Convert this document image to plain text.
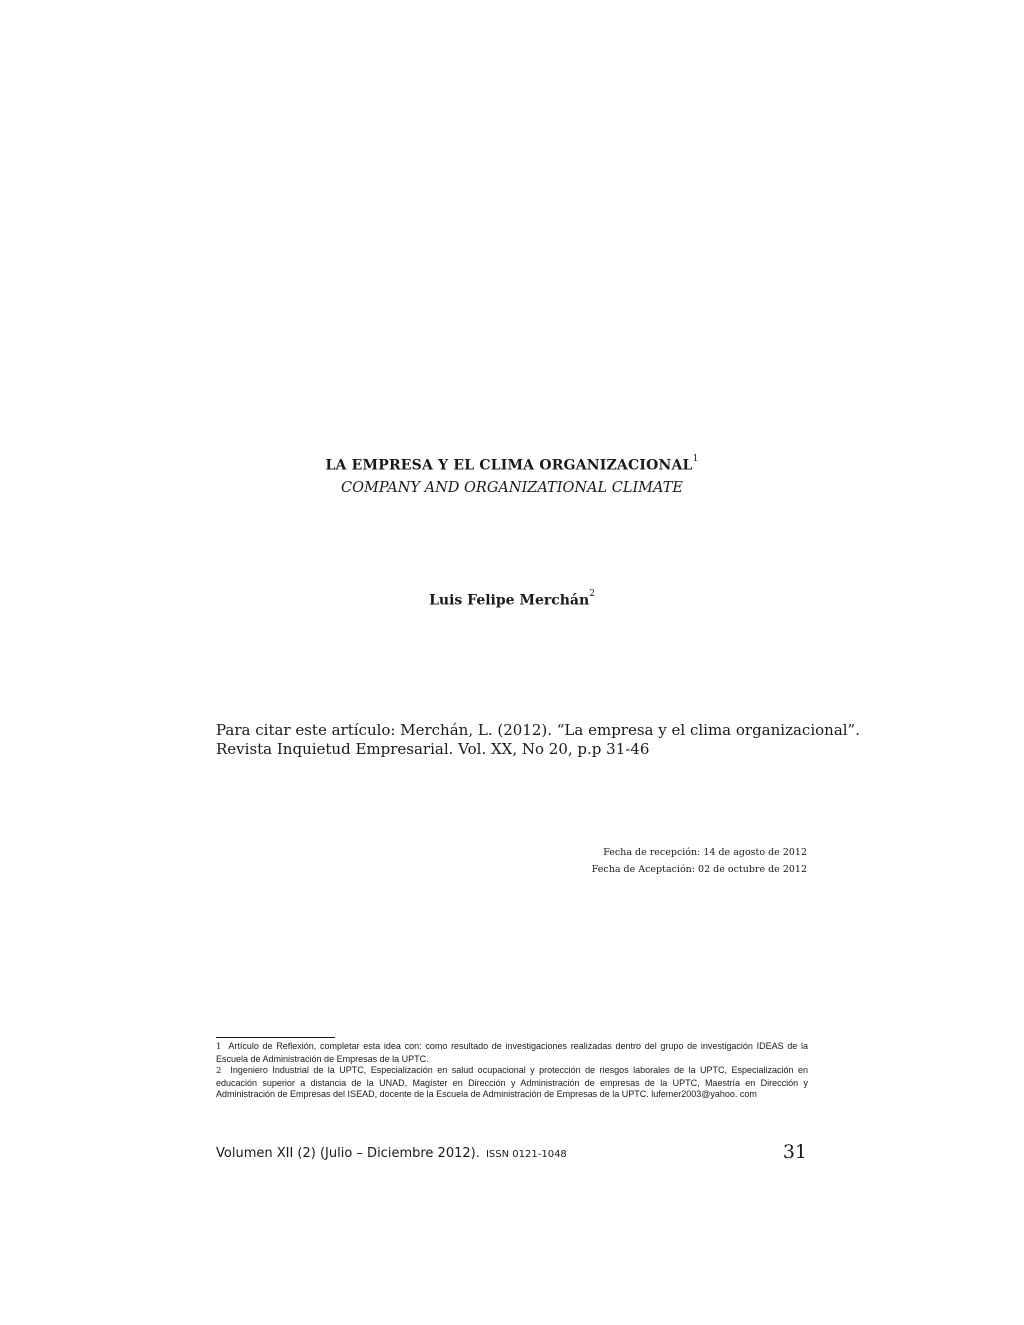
LA EMPRESA Y EL CLIMA ORGANIZACIONAL$^1$
COMPANY AND ORGANIZATIONAL CLIMATE
Luis Felipe Merchán$^2$
Para citar este artículo: Merchán, L. (2012). “La empresa y el clima organizacional”.
Revista Inquietud Empresarial. Vol. XX, No 20, p.p 31-46
Fecha de recepción: 14 de agosto de 2012
Fecha de Aceptación: 02 de octubre de 2012

1 Artículo de Reflexión, completar esta idea con: como resultado de investigaciones realizadas dentro del grupo de investigación IDEAS de la Escuela de Administración de Empresas de la UPTC.

2 Ingeniero Industrial de la UPTC, Especialización en salud ocupacional y protección de riesgos laborales de la UPTC, Especialización en educación superior a distancia de la UNAD, Magíster en Dirección y Administración de empresas de la UPTC, Maestría en Dirección y Administración de Empresas del ISEAD, docente de la Escuela de Administración de Empresas de la UPTC. lufemer2003@yahoo. com

Volumen XII (2) (Julio – Diciembre 2012). ISSN 0121-1048	31
